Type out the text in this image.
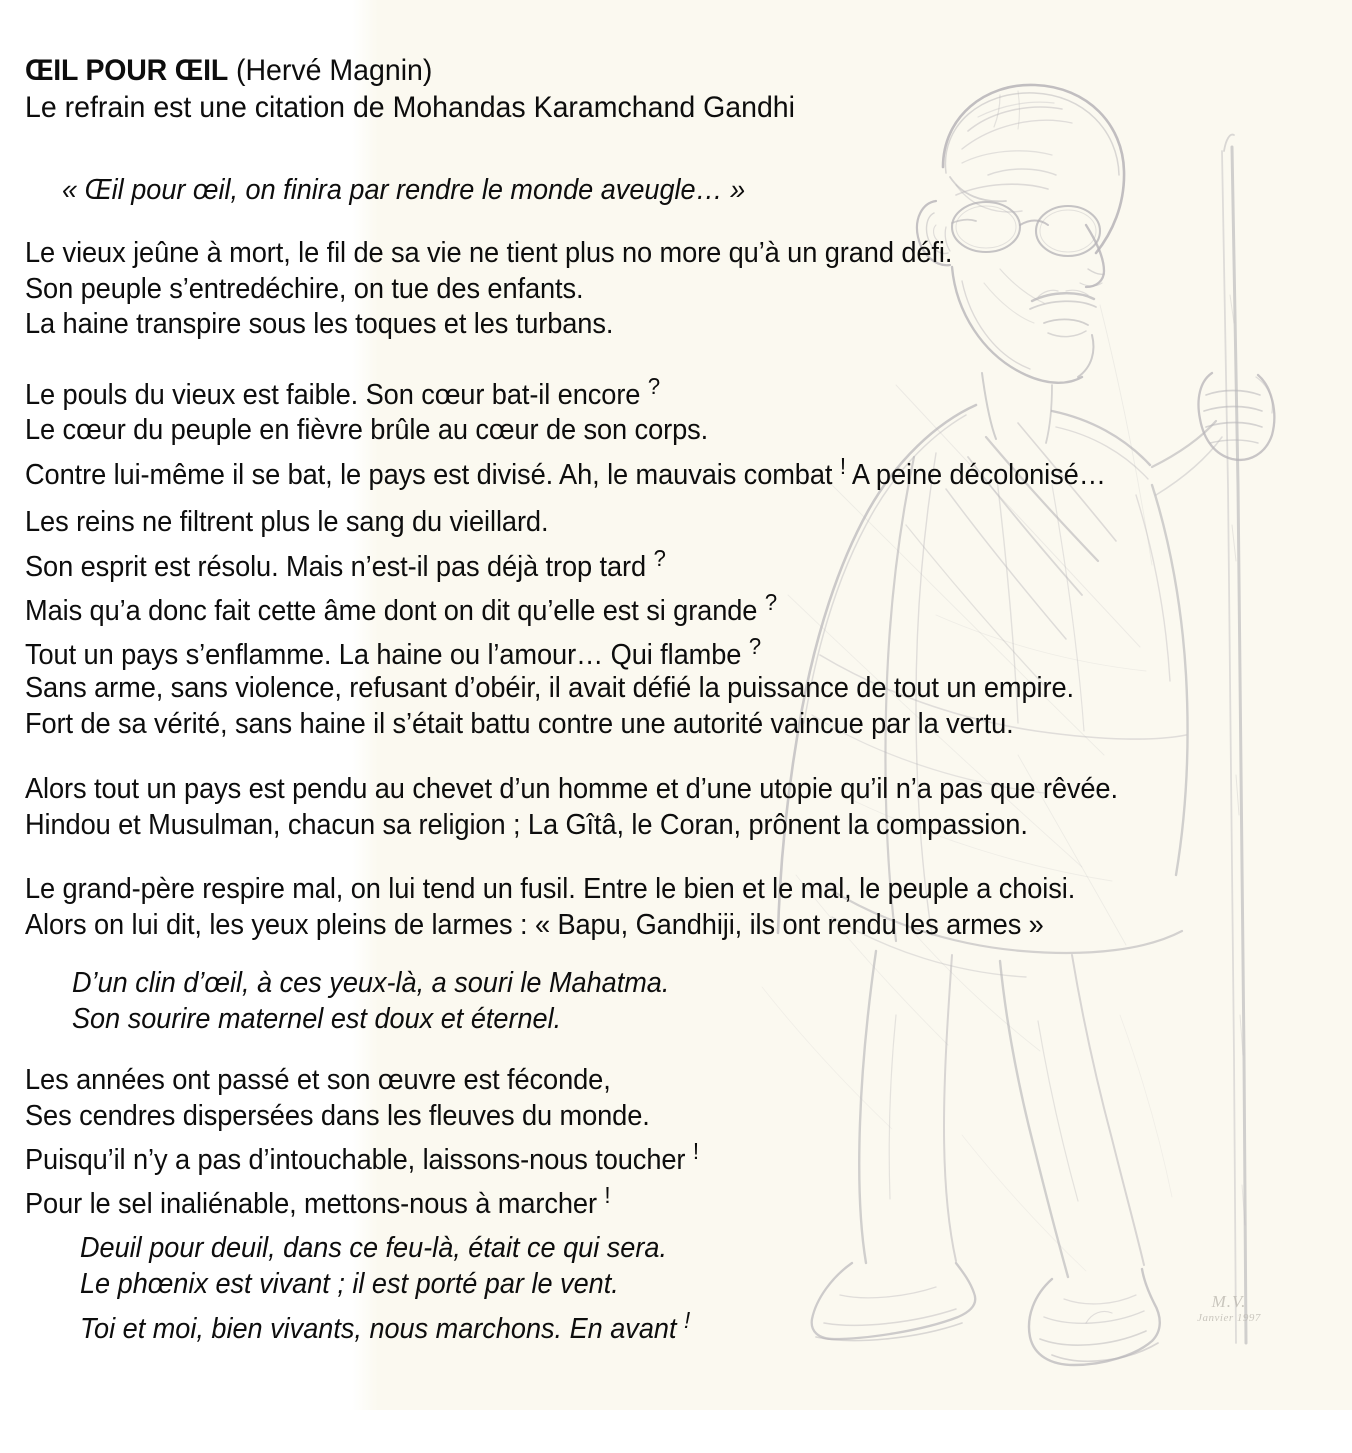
M.V.
Janvier 1997
ŒIL POUR ŒIL (Hervé Magnin)
Le refrain est une citation de Mohandas Karamchand Gandhi
« Œil pour œil, on finira par rendre le monde aveugle… »
Le vieux jeûne à mort, le fil de sa vie ne tient plus no more qu’à un grand défi.
Son peuple s’entredéchire, on tue des enfants.
La haine transpire sous les toques et les turbans.
Le pouls du vieux est faible. Son cœur bat-il encore ?
Le cœur du peuple en fièvre brûle au cœur de son corps.
Contre lui-même il se bat, le pays est divisé. Ah, le mauvais combat ! A peine décolonisé…
Les reins ne filtrent plus le sang du vieillard.
Son esprit est résolu. Mais n’est-il pas déjà trop tard ?
Mais qu’a donc fait cette âme dont on dit qu’elle est si grande ?
Tout un pays s’enflamme. La haine ou l’amour… Qui flambe ?
Sans arme, sans violence, refusant d’obéir, il avait défié la puissance de tout un empire.
Fort de sa vérité, sans haine il s’était battu contre une autorité vaincue par la vertu.
Alors tout un pays est pendu au chevet d’un homme et d’une utopie qu’il n’a pas que rêvée.
Hindou et Musulman, chacun sa religion ; La Gîtâ, le Coran, prônent la compassion.
Le grand-père respire mal, on lui tend un fusil. Entre le bien et le mal, le peuple a choisi.
Alors on lui dit, les yeux pleins de larmes : « Bapu, Gandhiji, ils ont rendu les armes »
D’un clin d’œil, à ces yeux-là, a souri le Mahatma.
Son sourire maternel est doux et éternel.
Les années ont passé et son œuvre est féconde,
Ses cendres dispersées dans les fleuves du monde.
Puisqu’il n’y a pas d’intouchable, laissons-nous toucher !
Pour le sel inaliénable, mettons-nous à marcher !
Deuil pour deuil, dans ce feu-là, était ce qui sera.
Le phœnix est vivant ; il est porté par le vent.
Toi et moi, bien vivants, nous marchons. En avant !
